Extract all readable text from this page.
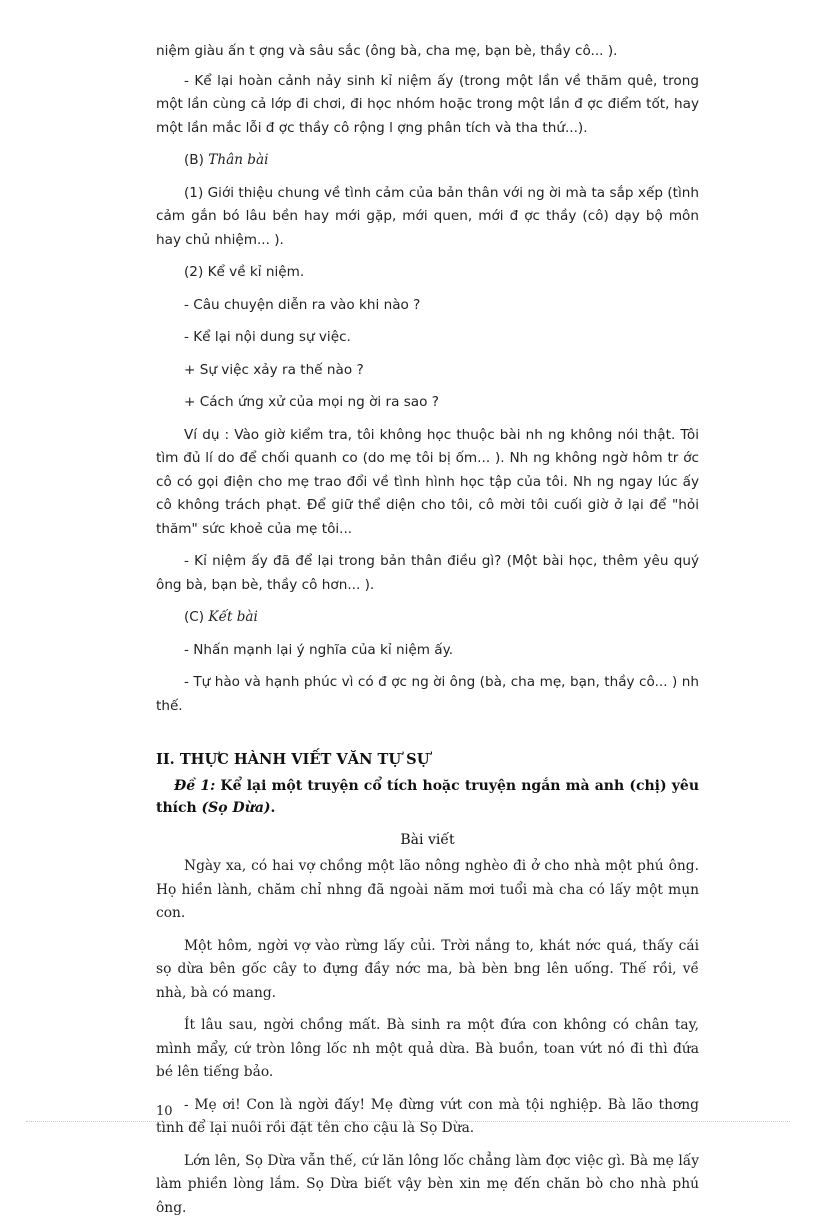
niệm giàu ấn t ợng và sâu sắc (ông bà, cha mẹ, bạn bè, thầy cô... ).

- Kể lại hoàn cảnh nảy sinh kỉ niệm ấy (trong một lần về thăm quê, trong một lần cùng cả lớp đi chơi, đi học nhóm hoặc trong một lần đ ợc điểm tốt, hay một lần mắc lỗi đ ợc thầy cô rộng l ợng phân tích và tha thứ...).

(B) Thân bài

(1) Giới thiệu chung về tình cảm của bản thân với ng ời mà ta sắp xếp (tình cảm gắn bó lâu bền hay mới gặp, mới quen, mới đ ợc thầy (cô) dạy bộ môn hay chủ nhiệm... ).

(2) Kể về kỉ niệm.

- Câu chuyện diễn ra vào khi nào ?

- Kể lại nội dung sự việc.

+ Sự việc xảy ra thế nào ?

+ Cách ứng xử của mọi ng ời ra sao ?

Ví dụ : Vào giờ kiểm tra, tôi không học thuộc bài nh ng không nói thật. Tôi tìm đủ lí do để chối quanh co (do mẹ tôi bị ốm... ). Nh ng không ngờ hôm tr ớc cô có gọi điện cho mẹ trao đổi về tình hình học tập của tôi. Nh ng ngay lúc ấy cô không trách phạt. Để giữ thể diện cho tôi, cô mời tôi cuối giờ ở lại để "hỏi thăm" sức khoẻ của mẹ tôi...

- Kỉ niệm ấy đã để lại trong bản thân điều gì? (Một bài học, thêm yêu quý ông bà, bạn bè, thầy cô hơn... ).

(C) Kết bài

- Nhấn mạnh lại ý nghĩa của kỉ niệm ấy.

- Tự hào và hạnh phúc vì có đ ợc ng ời ông (bà, cha mẹ, bạn, thầy cô... ) nh thế.

II. THỰC HÀNH VIẾT VĂN TỰ SỰ

Đề 1: Kể lại một truyện cổ tích hoặc truyện ngắn mà anh (chị) yêu thích (Sọ Dừa).

Bài viết

Ngày xa, có hai vợ chồng một lão nông nghèo đi ở cho nhà một phú ông. Họ hiền lành, chăm chỉ nhng đã ngoài năm mơi tuổi mà cha có lấy một mụn con.

Một hôm, ngời vợ vào rừng lấy củi. Trời nắng to, khát nớc quá, thấy cái sọ dừa bên gốc cây to đựng đầy nớc ma, bà bèn bng lên uống. Thế rồi, về nhà, bà có mang.

Ít lâu sau, ngời chồng mất. Bà sinh ra một đứa con không có chân tay, mình mẩy, cứ tròn lông lốc nh một quả dừa. Bà buồn, toan vứt nó đi thì đứa bé lên tiếng bảo.

- Mẹ ơi! Con là ngời đấy! Mẹ đừng vứt con mà tội nghiệp. Bà lão thơng tình để lại nuôi rồi đặt tên cho cậu là Sọ Dừa.

Lớn lên, Sọ Dừa vẫn thế, cứ lăn lông lốc chẳng làm đợc việc gì. Bà mẹ lấy làm phiền lòng lắm. Sọ Dừa biết vậy bèn xin mẹ đến chăn bò cho nhà phú ông.

10
